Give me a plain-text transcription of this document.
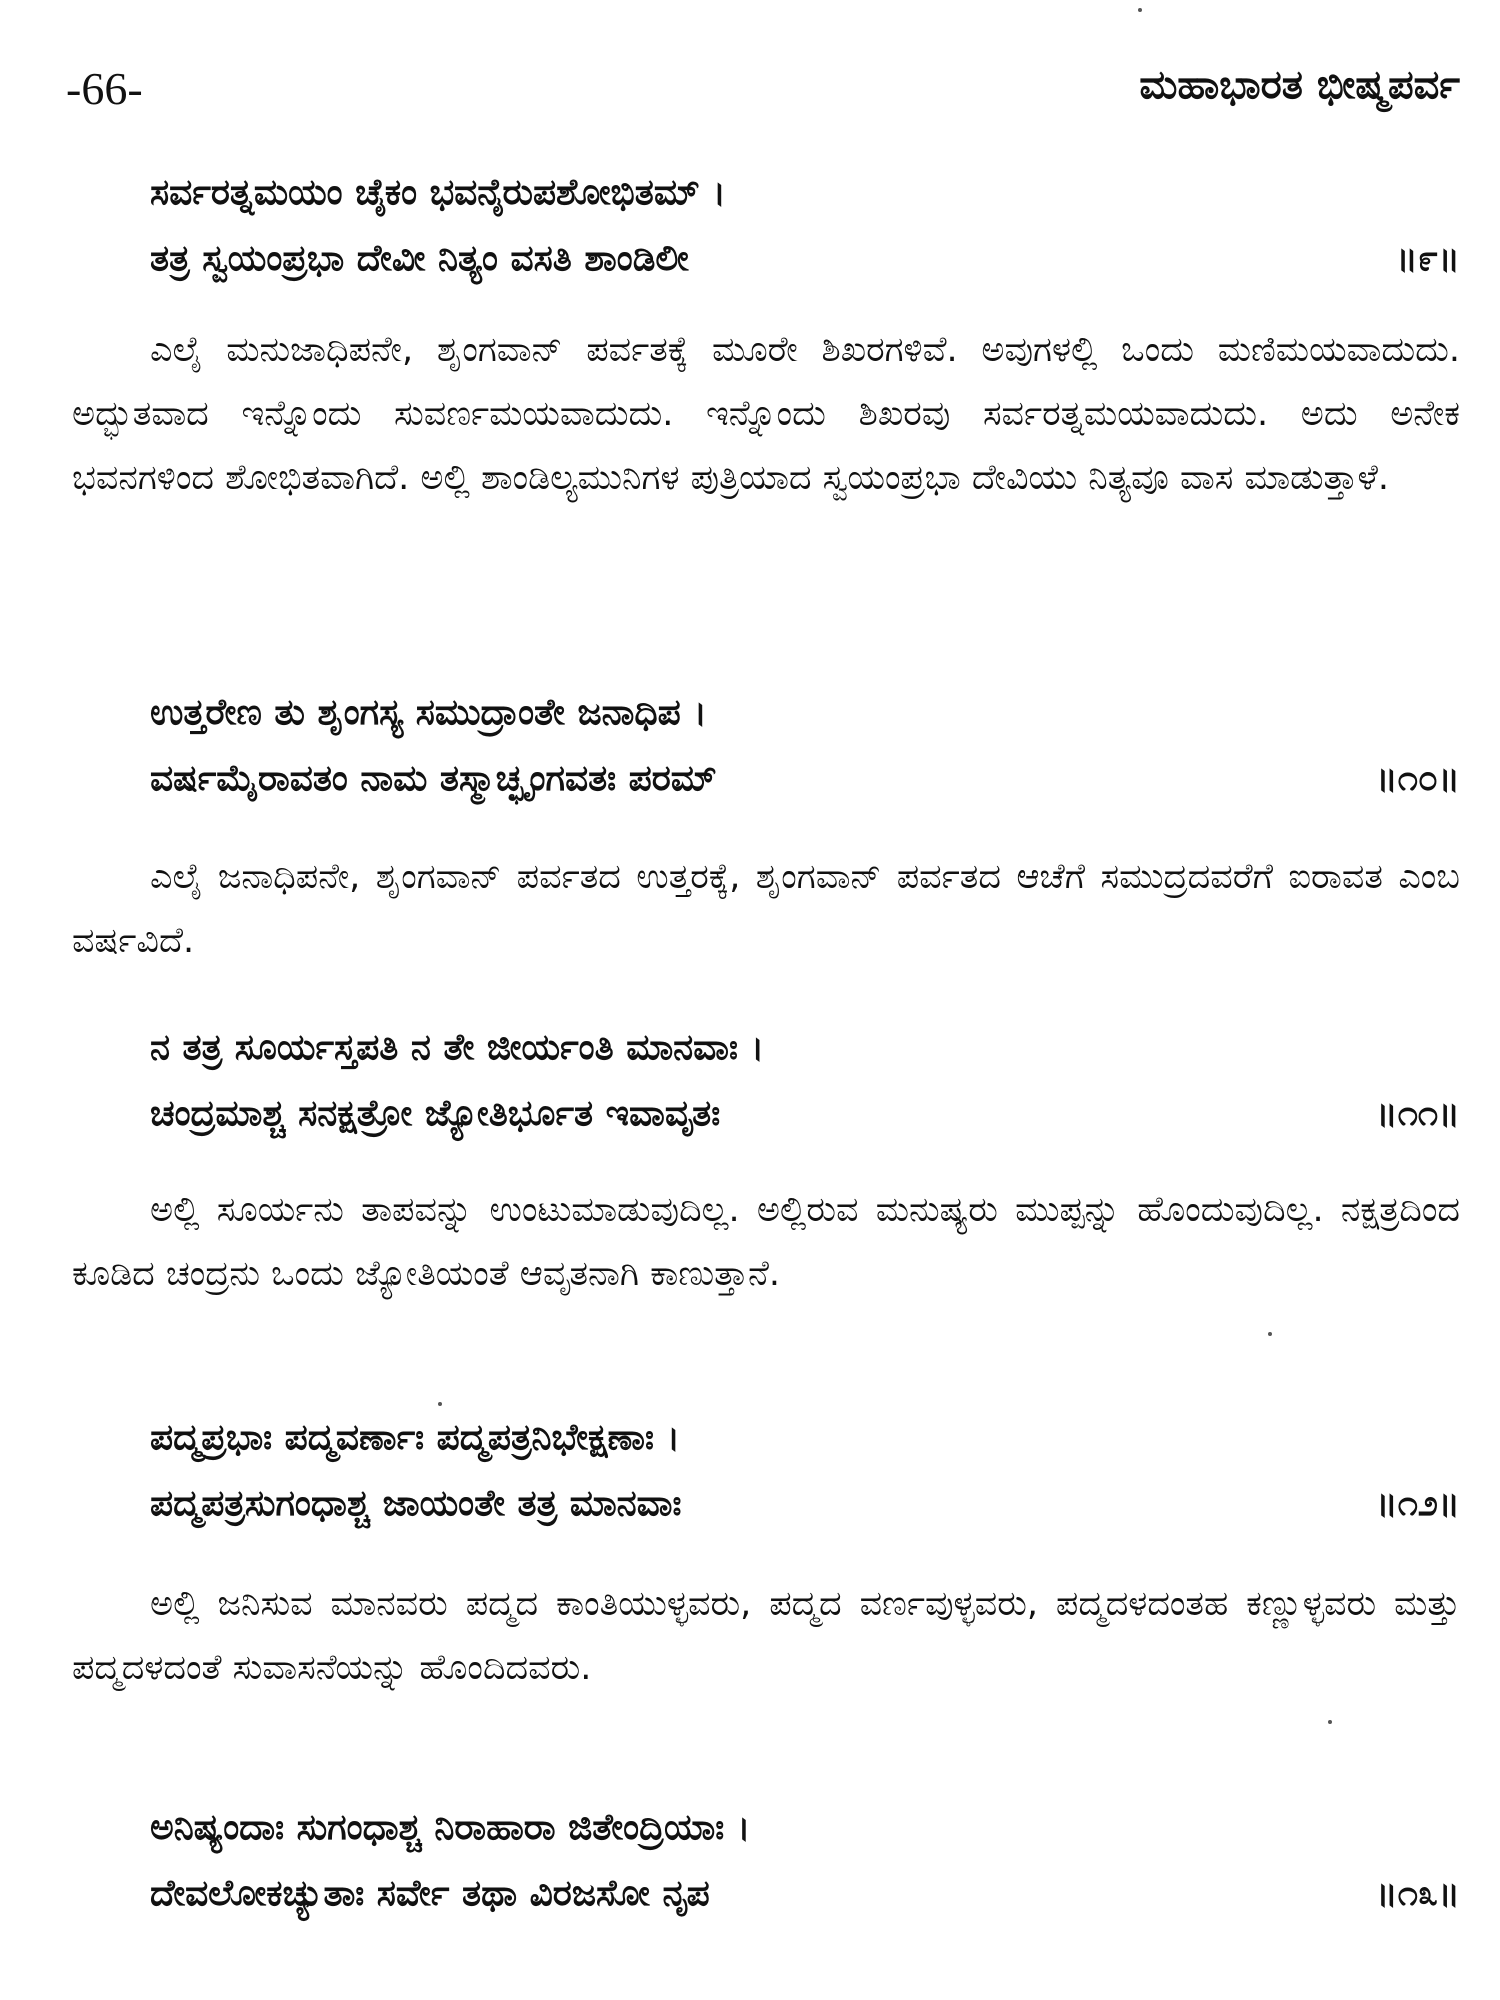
-66-	ಮಹಾಭಾರತ ಭೀಷ್ಮಪರ್ವ
ಸರ್ವರತ್ನಮಯಂ ಚೈಕಂ ಭವನೈರುಪಶೋಭಿತಮ್ ।
ತತ್ರ ಸ್ವಯಂಪ್ರಭಾ ದೇವೀ ನಿತ್ಯಂ ವಸತಿ ಶಾಂಡಿಲೀ	॥೯॥
ಎಲೈ ಮನುಜಾಧಿಪನೇ, ಶೃಂಗವಾನ್ ಪರ್ವತಕ್ಕೆ ಮೂರೇ ಶಿಖರಗಳಿವೆ. ಅವುಗಳಲ್ಲಿ ಒಂದು ಮಣಿಮಯವಾದುದು. ಅದ್ಭುತವಾದ ಇನ್ನೊಂದು ಸುವರ್ಣಮಯವಾದುದು. ಇನ್ನೊಂದು ಶಿಖರವು ಸರ್ವರತ್ನಮಯವಾದುದು. ಅದು ಅನೇಕ ಭವನಗಳಿಂದ ಶೋಭಿತವಾಗಿದೆ. ಅಲ್ಲಿ ಶಾಂಡಿಲ್ಯಮುನಿಗಳ ಪುತ್ರಿಯಾದ ಸ್ವಯಂಪ್ರಭಾ ದೇವಿಯು ನಿತ್ಯವೂ ವಾಸ ಮಾಡುತ್ತಾಳೆ.
ಉತ್ತರೇಣ ತು ಶೃಂಗಸ್ಯ ಸಮುದ್ರಾಂತೇ ಜನಾಧಿಪ ।
ವರ್ಷಮೈರಾವತಂ ನಾಮ ತಸ್ಮಾಚ್ಛೃಂಗವತಃ ಪರಮ್	॥೧೦॥
ಎಲೈ ಜನಾಧಿಪನೇ, ಶೃಂಗವಾನ್ ಪರ್ವತದ ಉತ್ತರಕ್ಕೆ, ಶೃಂಗವಾನ್ ಪರ್ವತದ ಆಚೆಗೆ ಸಮುದ್ರದವರೆಗೆ ಐರಾವತ ಎಂಬ ವರ್ಷವಿದೆ.
ನ ತತ್ರ ಸೂರ್ಯಸ್ತಪತಿ ನ ತೇ ಜೀರ್ಯಂತಿ ಮಾನವಾಃ ।
ಚಂದ್ರಮಾಶ್ಚ ಸನಕ್ಷತ್ರೋ ಜ್ಯೋತಿರ್ಭೂತ ಇವಾವೃತಃ	॥೧೧॥
ಅಲ್ಲಿ ಸೂರ್ಯನು ತಾಪವನ್ನು ಉಂಟುಮಾಡುವುದಿಲ್ಲ. ಅಲ್ಲಿರುವ ಮನುಷ್ಯರು ಮುಪ್ಪನ್ನು ಹೊಂದುವುದಿಲ್ಲ. ನಕ್ಷತ್ರದಿಂದ ಕೂಡಿದ ಚಂದ್ರನು ಒಂದು ಜ್ಯೋತಿಯಂತೆ ಆವೃತನಾಗಿ ಕಾಣುತ್ತಾನೆ.
ಪದ್ಮಪ್ರಭಾಃ ಪದ್ಮವರ್ಣಾಃ ಪದ್ಮಪತ್ರನಿಭೇಕ್ಷಣಾಃ ।
ಪದ್ಮಪತ್ರಸುಗಂಧಾಶ್ಚ ಜಾಯಂತೇ ತತ್ರ ಮಾನವಾಃ	॥೧೨॥
ಅಲ್ಲಿ ಜನಿಸುವ ಮಾನವರು ಪದ್ಮದ ಕಾಂತಿಯುಳ್ಳವರು, ಪದ್ಮದ ವರ್ಣವುಳ್ಳವರು, ಪದ್ಮದಳದಂತಹ ಕಣ್ಣುಳ್ಳವರು ಮತ್ತು ಪದ್ಮದಳದಂತೆ ಸುವಾಸನೆಯನ್ನು ಹೊಂದಿದವರು.
ಅನಿಷ್ಯಂದಾಃ ಸುಗಂಧಾಶ್ಚ ನಿರಾಹಾರಾ ಜಿತೇಂದ್ರಿಯಾಃ ।
ದೇವಲೋಕಚ್ಯುತಾಃ ಸರ್ವೇ ತಥಾ ವಿರಜಸೋ ನೃಪ	॥೧೩॥
